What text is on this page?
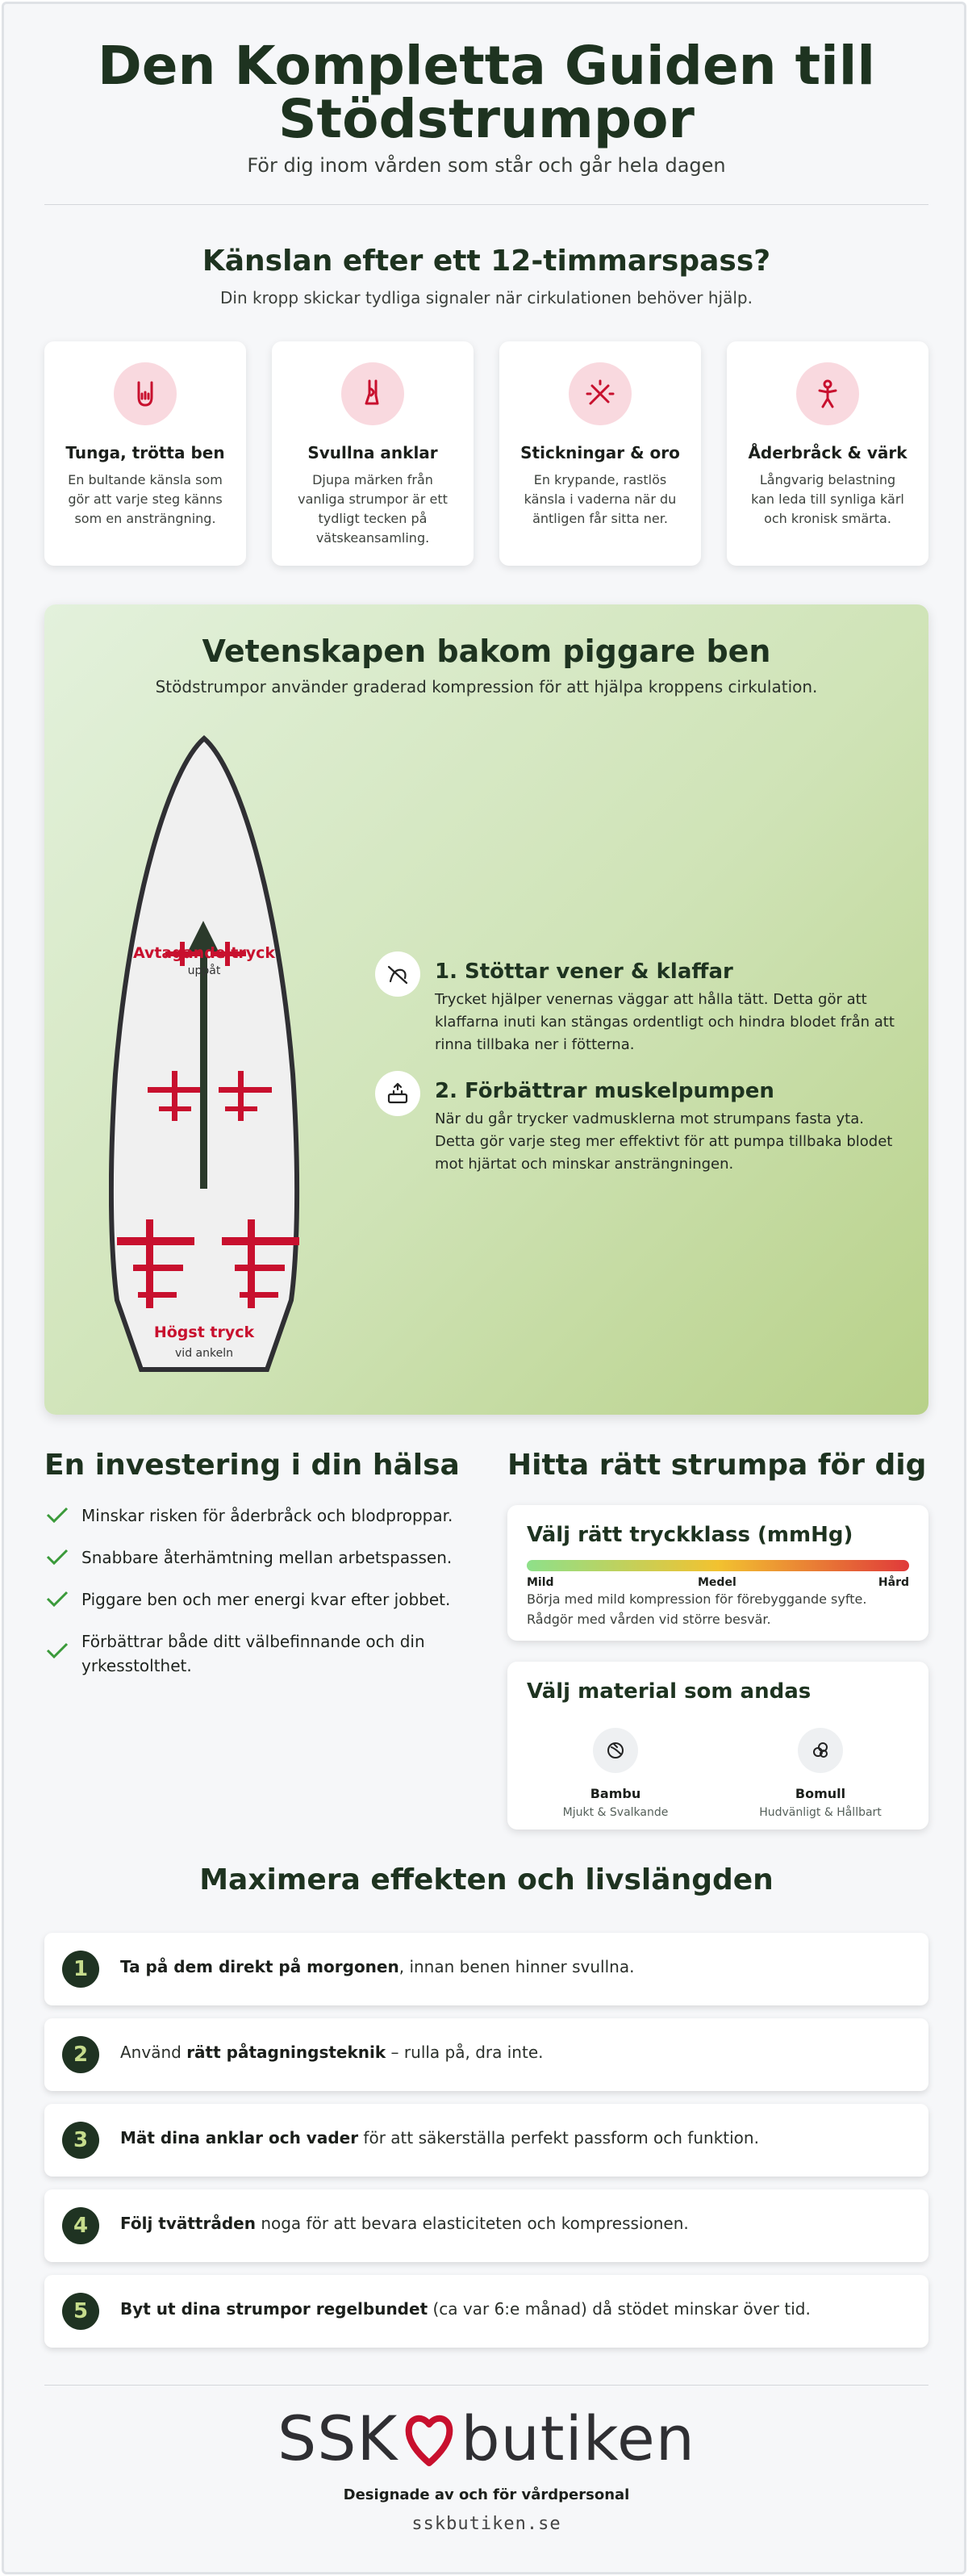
Den Kompletta Guiden till Stödstrumpor
För dig inom vården som står och går hela dagen
Känslan efter ett 12-timmarspass?
Din kropp skickar tydliga signaler när cirkulationen behöver hjälp.
Tunga, trötta ben
En bultande känsla som gör att varje steg känns som en ansträngning.
Svullna anklar
Djupa märken från vanliga strumpor är ett tydligt tecken på vätskeansamling.
Stickningar & oro
En krypande, rastlös känsla i vaderna när du äntligen får sitta ner.
Åderbråck & värk
Långvarig belastning kan leda till synliga kärl och kronisk smärta.
Vetenskapen bakom piggare ben
Stödstrumpor använder graderad kompression för att hjälpa kroppens cirkulation.
Avtagande tryck
uppåt
Högst tryck
vid ankeln
1. Stöttar vener & klaffar
Trycket hjälper venernas väggar att hålla tätt. Detta gör att klaffarna inuti kan stängas ordentligt och hindra blodet från att rinna tillbaka ner i fötterna.
2. Förbättrar muskelpumpen
När du går trycker vadmusklerna mot strumpans fasta yta. Detta gör varje steg mer effektivt för att pumpa tillbaka blodet mot hjärtat och minskar ansträngningen.
En investering i din hälsa
Minskar risken för åderbråck och blodproppar.
Snabbare återhämtning mellan arbetspassen.
Piggare ben och mer energi kvar efter jobbet.
Förbättrar både ditt välbefinnande och din yrkesstolthet.
Hitta rätt strumpa för dig
Välj rätt tryckklass (mmHg)
Mild	Medel	Hård
Börja med mild kompression för förebyggande syfte. Rådgör med vården vid större besvär.
Välj material som andas
Bambu
Mjukt & Svalkande
Bomull
Hudvänligt & Hållbart
Maximera effekten och livslängden
1	Ta på dem direkt på morgonen, innan benen hinner svullna.
2	Använd rätt påtagningsteknik – rulla på, dra inte.
3	Mät dina anklar och vader för att säkerställa perfekt passform och funktion.
4	Följ tvättråden noga för att bevara elasticiteten och kompressionen.
5	Byt ut dina strumpor regelbundet (ca var 6:e månad) då stödet minskar över tid.
SSK butiken
Designade av och för vårdpersonal
sskbutiken.se
